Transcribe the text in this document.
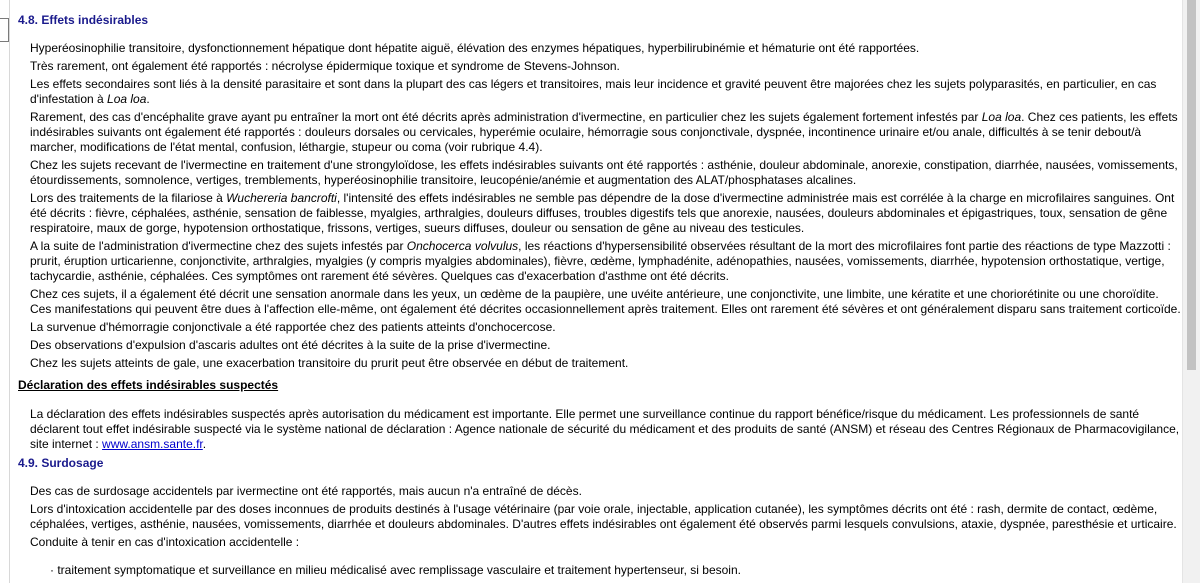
4.8. Effets indésirables

Hyperéosinophilie transitoire, dysfonctionnement hépatique dont hépatite aiguë, élévation des enzymes hépatiques, hyperbilirubinémie et hématurie ont été rapportées.

Très rarement, ont également été rapportés : nécrolyse épidermique toxique et syndrome de Stevens-Johnson.

Les effets secondaires sont liés à la densité parasitaire et sont dans la plupart des cas légers et transitoires, mais leur incidence et gravité peuvent être majorées chez les sujets polyparasités, en particulier, en cas d'infestation à Loa loa.

Rarement, des cas d'encéphalite grave ayant pu entraîner la mort ont été décrits après administration d'ivermectine, en particulier chez les sujets également fortement infestés par Loa loa. Chez ces patients, les effets indésirables suivants ont également été rapportés : douleurs dorsales ou cervicales, hyperémie oculaire, hémorragie sous conjonctivale, dyspnée, incontinence urinaire et/ou anale, difficultés à se tenir debout/à marcher, modifications de l'état mental, confusion, léthargie, stupeur ou coma (voir rubrique 4.4).

Chez les sujets recevant de l'ivermectine en traitement d'une strongyloïdose, les effets indésirables suivants ont été rapportés : asthénie, douleur abdominale, anorexie, constipation, diarrhée, nausées, vomissements, étourdissements, somnolence, vertiges, tremblements, hyperéosinophilie transitoire, leucopénie/anémie et augmentation des ALAT/phosphatases alcalines.

Lors des traitements de la filariose à Wuchereria bancrofti, l'intensité des effets indésirables ne semble pas dépendre de la dose d'ivermectine administrée mais est corrélée à la charge en microfilaires sanguines. Ont été décrits : fièvre, céphalées, asthénie, sensation de faiblesse, myalgies, arthralgies, douleurs diffuses, troubles digestifs tels que anorexie, nausées, douleurs abdominales et épigastriques, toux, sensation de gêne respiratoire, maux de gorge, hypotension orthostatique, frissons, vertiges, sueurs diffuses, douleur ou sensation de gêne au niveau des testicules.

A la suite de l'administration d'ivermectine chez des sujets infestés par Onchocerca volvulus, les réactions d'hypersensibilité observées résultant de la mort des microfilaires font partie des réactions de type Mazzotti : prurit, éruption urticarienne, conjonctivite, arthralgies, myalgies (y compris myalgies abdominales), fièvre, œdème, lymphadénite, adénopathies, nausées, vomissements, diarrhée, hypotension orthostatique, vertige, tachycardie, asthénie, céphalées. Ces symptômes ont rarement été sévères. Quelques cas d'exacerbation d'asthme ont été décrits.

Chez ces sujets, il a également été décrit une sensation anormale dans les yeux, un œdème de la paupière, une uvéite antérieure, une conjonctivite, une limbite, une kératite et une choriorétinite ou une choroïdite. Ces manifestations qui peuvent être dues à l'affection elle-même, ont également été décrites occasionnellement après traitement. Elles ont rarement été sévères et ont généralement disparu sans traitement corticoïde.

La survenue d'hémorragie conjonctivale a été rapportée chez des patients atteints d'onchocercose.

Des observations d'expulsion d'ascaris adultes ont été décrites à la suite de la prise d'ivermectine.

Chez les sujets atteints de gale, une exacerbation transitoire du prurit peut être observée en début de traitement.

Déclaration des effets indésirables suspectés

La déclaration des effets indésirables suspectés après autorisation du médicament est importante. Elle permet une surveillance continue du rapport bénéfice/risque du médicament. Les professionnels de santé déclarent tout effet indésirable suspecté via le système national de déclaration : Agence nationale de sécurité du médicament et des produits de santé (ANSM) et réseau des Centres Régionaux de Pharmacovigilance, site internet : www.ansm.sante.fr.

4.9. Surdosage

Des cas de surdosage accidentels par ivermectine ont été rapportés, mais aucun n'a entraîné de décès.

Lors d'intoxication accidentelle par des doses inconnues de produits destinés à l'usage vétérinaire (par voie orale, injectable, application cutanée), les symptômes décrits ont été : rash, dermite de contact, œdème, céphalées, vertiges, asthénie, nausées, vomissements, diarrhée et douleurs abdominales. D'autres effets indésirables ont également été observés parmi lesquels convulsions, ataxie, dyspnée, paresthésie et urticaire.

Conduite à tenir en cas d'intoxication accidentelle :

· traitement symptomatique et surveillance en milieu médicalisé avec remplissage vasculaire et traitement hypertenseur, si besoin.
